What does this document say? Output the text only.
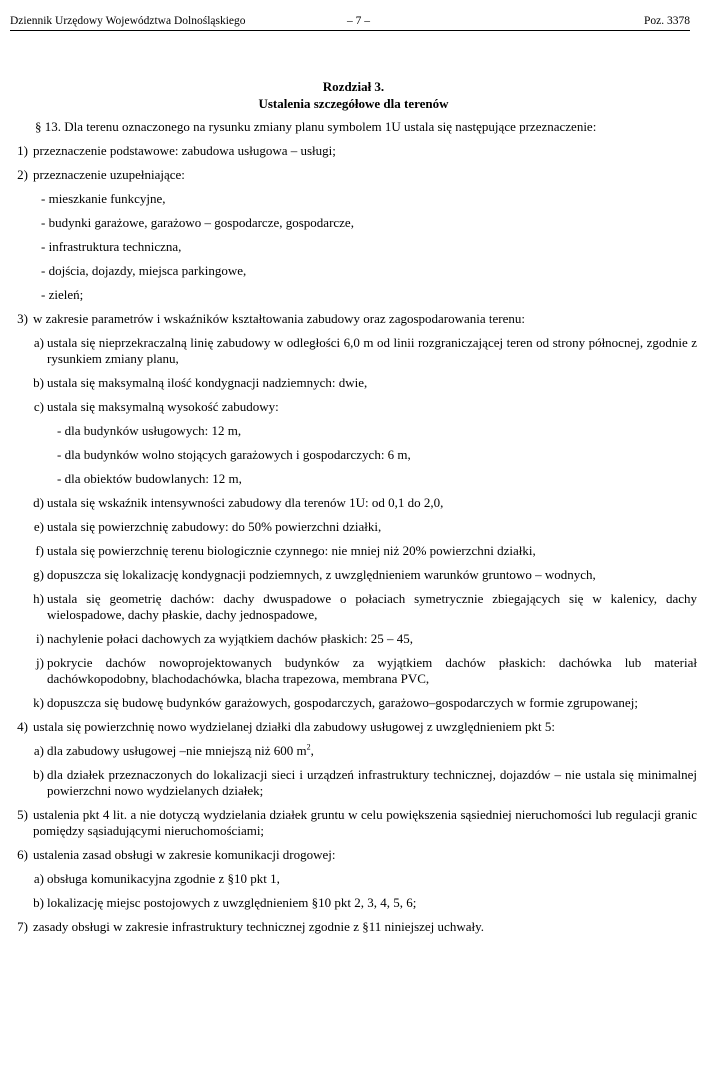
Dziennik Urzędowy Województwa Dolnośląskiego	– 7 –	Poz. 3378

Rozdział 3.

Ustalenia szczegółowe dla terenów

§ 13. Dla terenu oznaczonego na rysunku zmiany planu symbolem 1U ustala się następujące przeznaczenie:

1) przeznaczenie podstawowe: zabudowa usługowa – usługi;
2) przeznaczenie uzupełniające:
- mieszkanie funkcyjne,
- budynki garażowe, garażowo – gospodarcze, gospodarcze,
- infrastruktura techniczna,
- dojścia, dojazdy, miejsca parkingowe,
- zieleń;
3) w zakresie parametrów i wskaźników kształtowania zabudowy oraz zagospodarowania terenu:
a) ustala się nieprzekraczalną linię zabudowy w odległości 6,0 m od linii rozgraniczającej teren od strony północnej, zgodnie z rysunkiem zmiany planu,
b) ustala się maksymalną ilość kondygnacji nadziemnych: dwie,
c) ustala się maksymalną wysokość zabudowy:
- dla budynków usługowych: 12 m,
- dla budynków wolno stojących garażowych i gospodarczych: 6 m,
- dla obiektów budowlanych: 12 m,
d) ustala się wskaźnik intensywności zabudowy dla terenów 1U: od 0,1 do 2,0,
e) ustala się powierzchnię zabudowy: do 50% powierzchni działki,
f) ustala się powierzchnię terenu biologicznie czynnego: nie mniej niż 20% powierzchni działki,
g) dopuszcza się lokalizację kondygnacji podziemnych, z uwzględnieniem warunków gruntowo – wodnych,
h) ustala się geometrię dachów: dachy dwuspadowe o połaciach symetrycznie zbiegających się w kalenicy, dachy wielospadowe, dachy płaskie, dachy jednospadowe,
i) nachylenie połaci dachowych za wyjątkiem dachów płaskich: 25 – 45,
j) pokrycie dachów nowoprojektowanych budynków za wyjątkiem dachów płaskich: dachówka lub materiał dachówkopodobny, blachodachówka, blacha trapezowa, membrana PVC,
k) dopuszcza się budowę budynków garażowych, gospodarczych, garażowo–gospodarczych w formie zgrupowanej;
4) ustala się powierzchnię nowo wydzielanej działki dla zabudowy usługowej z uwzględnieniem pkt 5:
a) dla zabudowy usługowej –nie mniejszą niż 600 $m^2$,
b) dla działek przeznaczonych do lokalizacji sieci i urządzeń infrastruktury technicznej, dojazdów – nie ustala się minimalnej powierzchni nowo wydzielanych działek;
5) ustalenia pkt 4 lit. a nie dotyczą wydzielania działek gruntu w celu powiększenia sąsiedniej nieruchomości lub regulacji granic pomiędzy sąsiadującymi nieruchomościami;
6) ustalenia zasad obsługi w zakresie komunikacji drogowej:
a) obsługa komunikacyjna zgodnie z §10 pkt 1,
b) lokalizację miejsc postojowych z uwzględnieniem §10 pkt 2, 3, 4, 5, 6;
7) zasady obsługi w zakresie infrastruktury technicznej zgodnie z §11 niniejszej uchwały.
